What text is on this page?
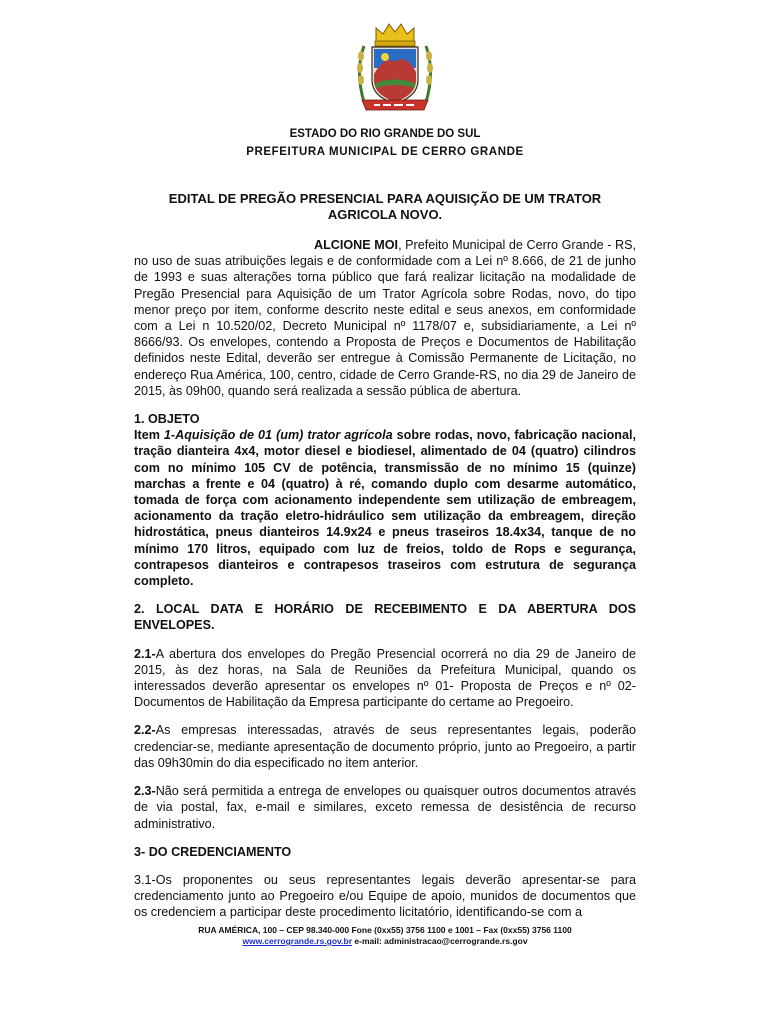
ESTADO DO RIO GRANDE DO SUL
PREFEITURA MUNICIPAL DE CERRO GRANDE
EDITAL DE PREGÃO PRESENCIAL PARA AQUISIÇÃO DE UM TRATOR AGRICOLA NOVO.

ALCIONE MOI, Prefeito Municipal de Cerro Grande - RS, no uso de suas atribuições legais e de conformidade com a Lei nº 8.666, de 21 de junho de 1993 e suas alterações torna público que fará realizar licitação na modalidade de Pregão Presencial para Aquisição de um Trator Agrícola sobre Rodas, novo, do tipo menor preço por item, conforme descrito neste edital e seus anexos, em conformidade com a Lei n 10.520/02, Decreto Municipal nº 1178/07 e, subsidiariamente, a Lei nº 8666/93. Os envelopes, contendo a Proposta de Preços e Documentos de Habilitação definidos neste Edital, deverão ser entregue à Comissão Permanente de Licitação, no endereço Rua América, 100, centro, cidade de Cerro Grande-RS, no dia 29 de Janeiro de 2015, às 09h00, quando será realizada a sessão pública de abertura.

1. OBJETO
Item 1-Aquisição de 01 (um) trator agrícola sobre rodas, novo, fabricação nacional, tração dianteira 4x4, motor diesel e biodiesel, alimentado de 04 (quatro) cilindros com no mínimo 105 CV de potência, transmissão de no mínimo 15 (quinze) marchas a frente e 04 (quatro) à ré, comando duplo com desarme automático, tomada de força com acionamento independente sem utilização de embreagem, acionamento da tração eletro-hidráulico sem utilização da embreagem, direção hidrostática, pneus dianteiros 14.9x24 e pneus traseiros 18.4x34, tanque de no mínimo 170 litros, equipado com luz de freios, toldo de Rops e segurança, contrapesos dianteiros e contrapesos traseiros com estrutura de segurança completo.

2. LOCAL DATA E HORÁRIO DE RECEBIMENTO E DA ABERTURA DOS ENVELOPES.

2.1-A abertura dos envelopes do Pregão Presencial ocorrerá no dia 29 de Janeiro de 2015, às dez horas, na Sala de Reuniões da Prefeitura Municipal, quando os interessados deverão apresentar os envelopes nº 01- Proposta de Preços e nº 02- Documentos de Habilitação da Empresa participante do certame ao Pregoeiro.

2.2-As empresas interessadas, através de seus representantes legais, poderão credenciar-se, mediante apresentação de documento próprio, junto ao Pregoeiro, a partir das 09h30min do dia especificado no item anterior.

2.3-Não será permitida a entrega de envelopes ou quaisquer outros documentos através de via postal, fax, e-mail e similares, exceto remessa de desistência de recurso administrativo.

3- DO CREDENCIAMENTO

3.1-Os proponentes ou seus representantes legais deverão apresentar-se para credenciamento junto ao Pregoeiro e/ou Equipe de apoio, munidos de documentos que os credenciem a participar deste procedimento licitatório, identificando-se com a

RUA AMÉRICA, 100 – CEP 98.340-000 Fone (0xx55) 3756 1100 e 1001 – Fax (0xx55) 3756 1100
www.cerrogrande.rs.gov.br e-mail: administracao@cerrogrande.rs.gov
